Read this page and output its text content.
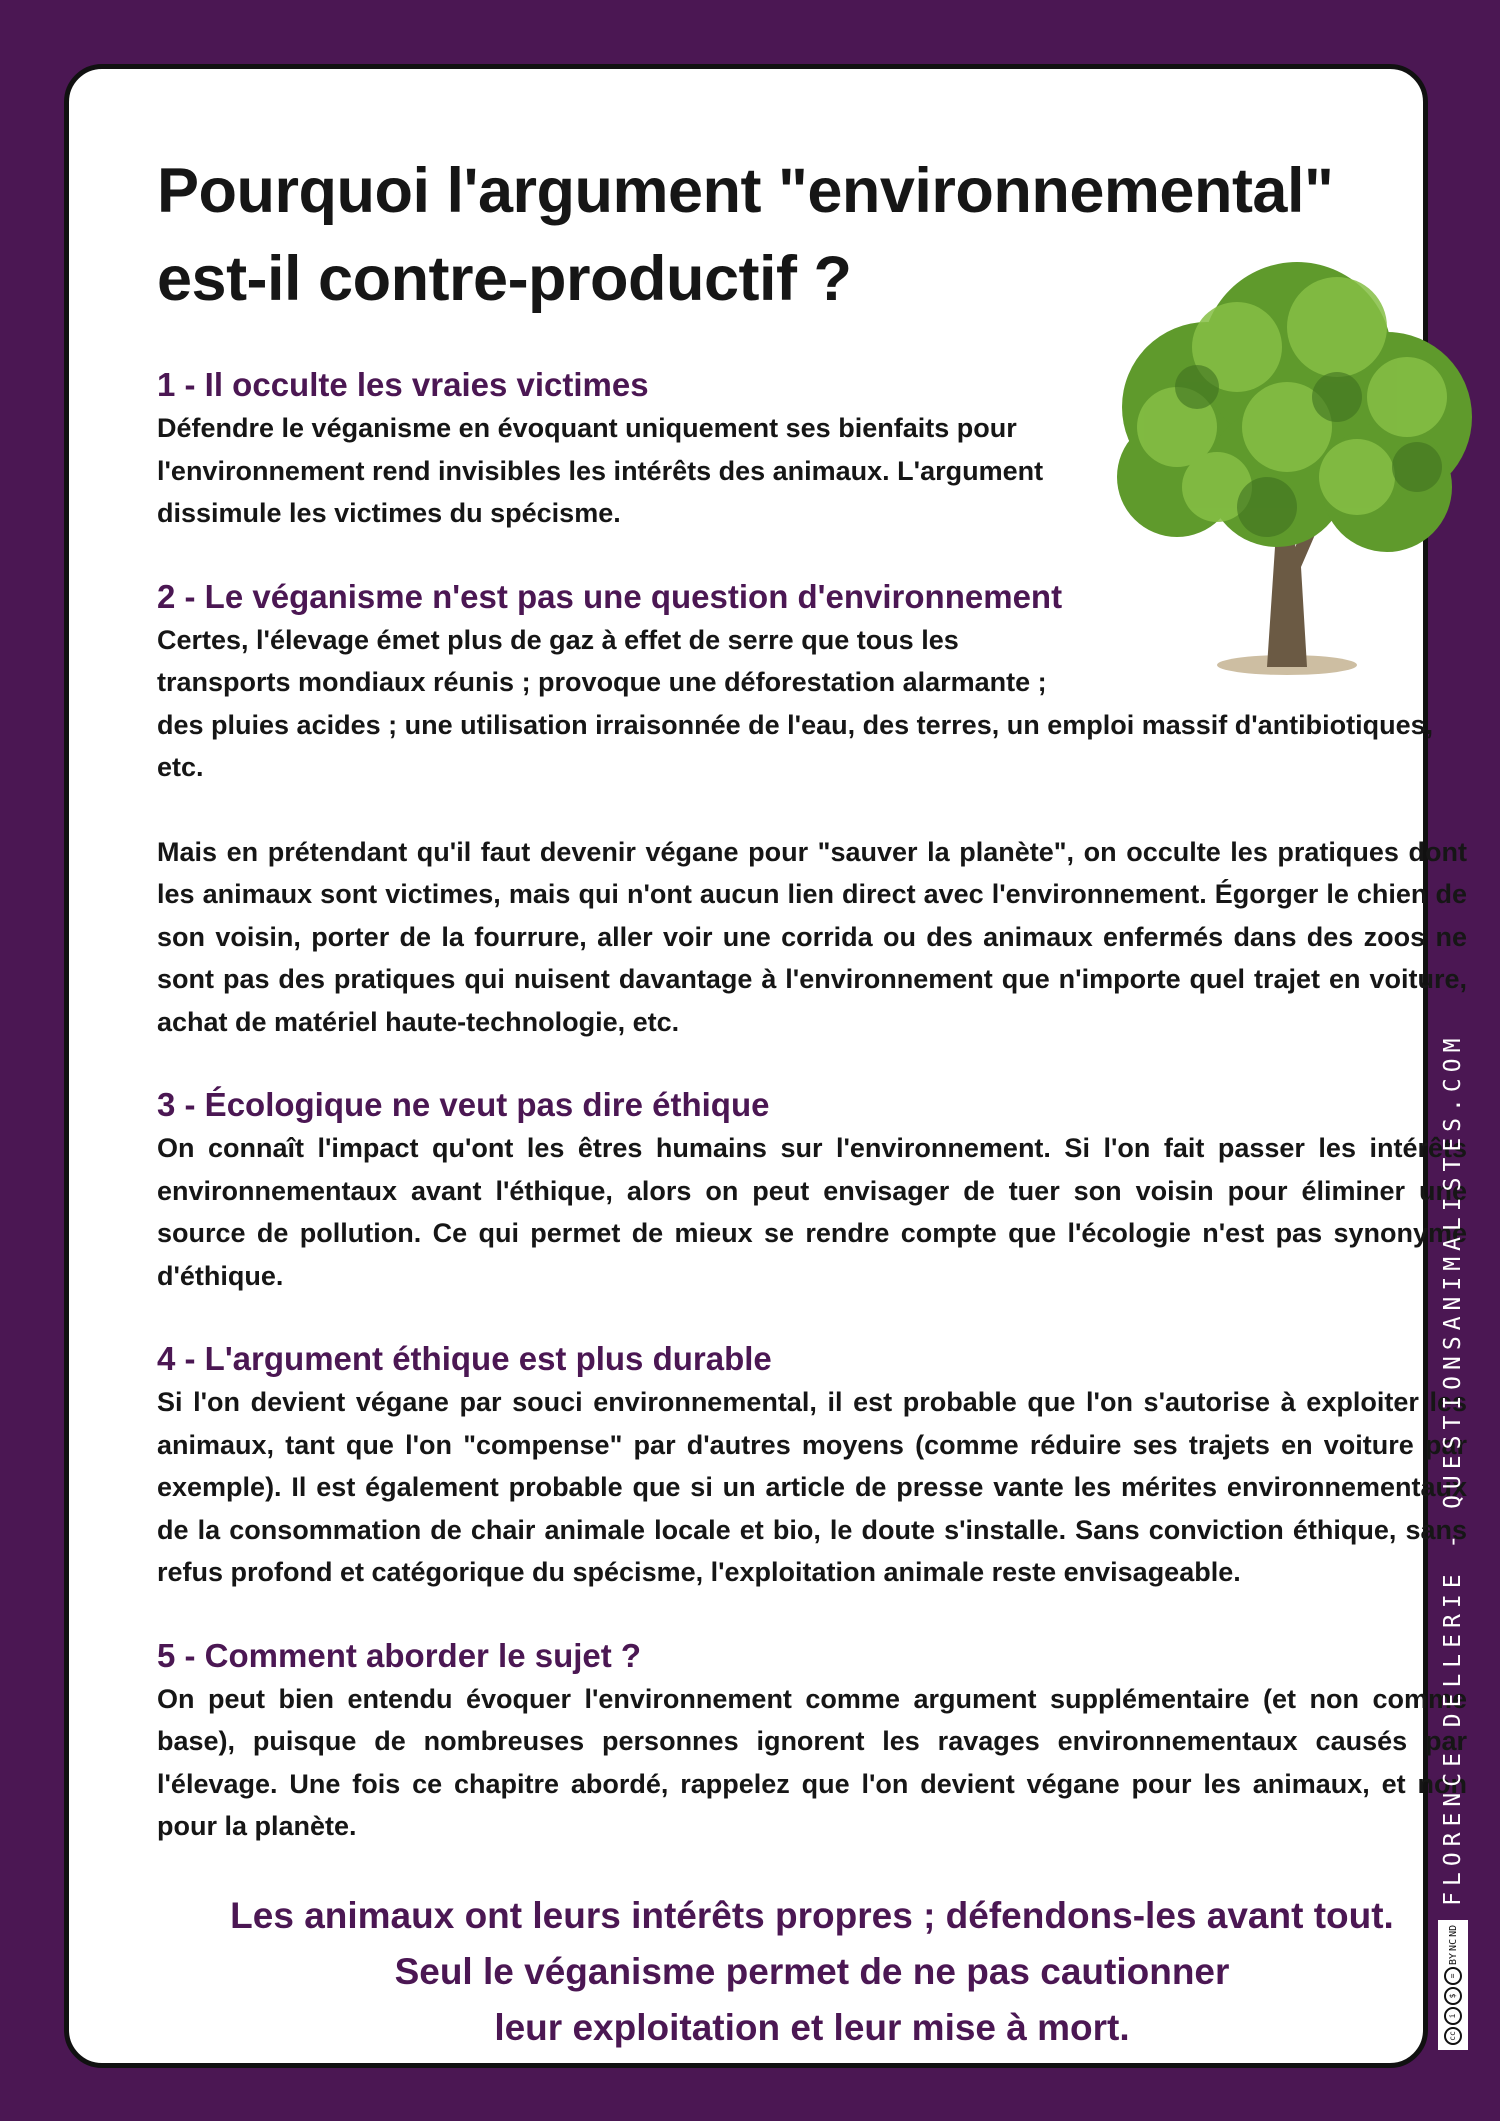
Pourquoi l'argument "environnemental"
est-il contre-productif ?
1 - Il occulte les vraies victimes

Défendre le véganisme en évoquant uniquement ses bienfaits pour l'environnement rend invisibles les intérêts des animaux. L'argument dissimule les victimes du spécisme.

2 - Le véganisme n'est pas une question d'environnement

Certes, l'élevage émet plus de gaz à effet de serre que tous les transports mondiaux réunis ; provoque une déforestation alarmante ; des pluies acides ; une utilisation irraisonnée de l'eau, des terres, un emploi massif d'antibiotiques, etc.

Mais en prétendant qu'il faut devenir végane pour "sauver la planète", on occulte les pratiques dont les animaux sont victimes, mais qui n'ont aucun lien direct avec l'environnement. Égorger le chien de son voisin, porter de la fourrure, aller voir une corrida ou des animaux enfermés dans des zoos ne sont pas des pratiques qui nuisent davantage à l'environnement que n'importe quel trajet en voiture, achat de matériel haute-technologie, etc.

3 - Écologique ne veut pas dire éthique

On connaît l'impact qu'ont les êtres humains sur l'environnement. Si l'on fait passer les intérêts environnementaux avant l'éthique, alors on peut envisager de tuer son voisin pour éliminer une source de pollution. Ce qui permet de mieux se rendre compte que l'écologie n'est pas synonyme d'éthique.

4 - L'argument éthique est plus durable

Si l'on devient végane par souci environnemental, il est probable que l'on s'autorise à exploiter les animaux, tant que l'on "compense" par d'autres moyens (comme réduire ses trajets en voiture par exemple). Il est également probable que si un article de presse vante les mérites environnementaux de la consommation de chair animale locale et bio, le doute s'installe. Sans conviction éthique, sans refus profond et catégorique du spécisme, l'exploitation animale reste envisageable.

5 - Comment aborder le sujet ?

On peut bien entendu évoquer l'environnement comme argument supplémentaire (et non comme base), puisque de nombreuses personnes ignorent les ravages environnementaux causés par l'élevage. Une fois ce chapitre abordé, rappelez que l'on devient végane pour les animaux, et non pour la planète.

Les animaux ont leurs intérêts propres ; défendons-les avant tout.
Seul le véganisme permet de ne pas cautionner
leur exploitation et leur mise à mort.	cc
i
$
=
BY
NC
ND
FLORENCE DELLERIE - QUESTIONSANIMALISTES.COM
